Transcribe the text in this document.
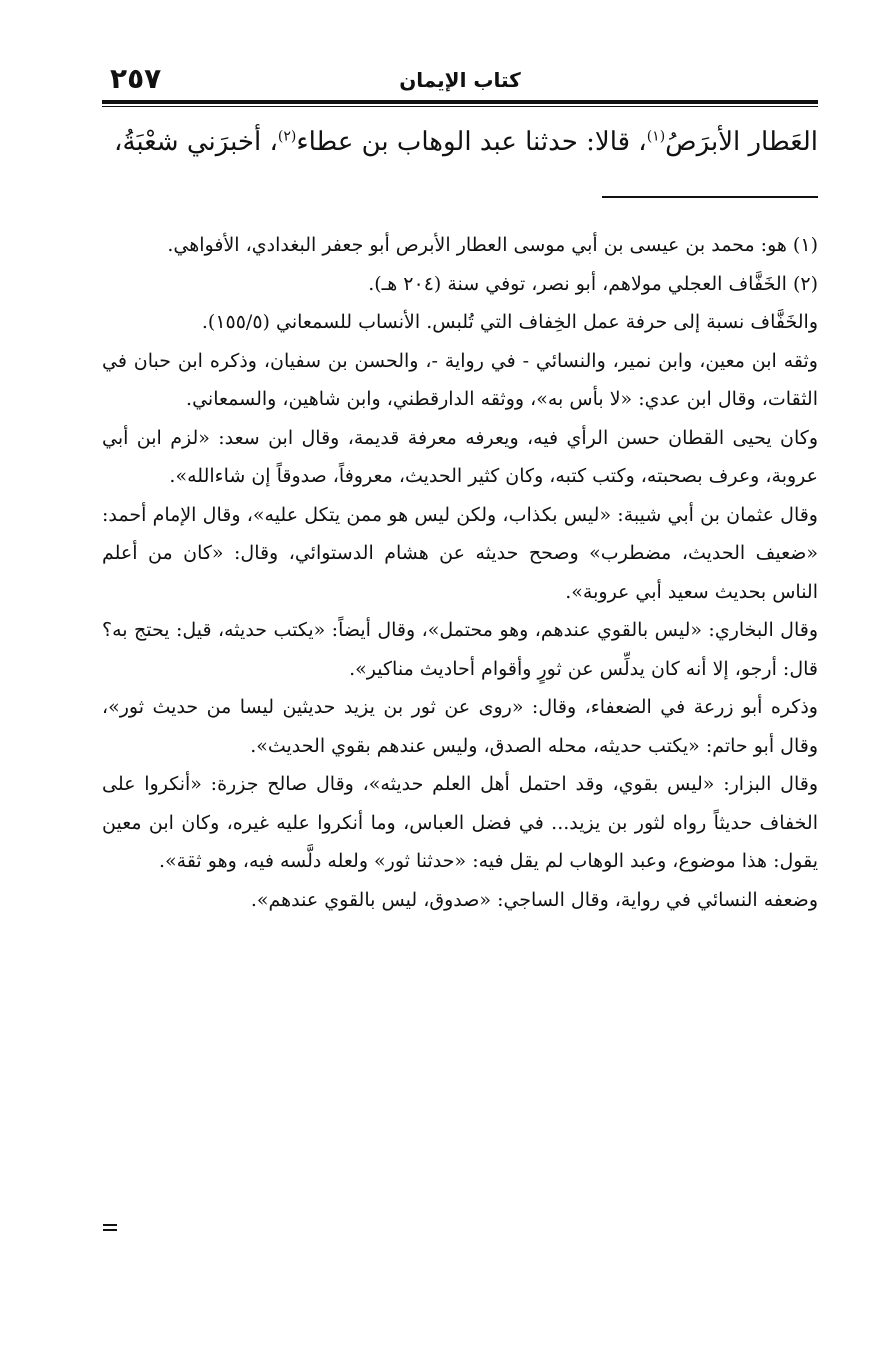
كتاب الإيمان
٢٥٧
العَطار الأبرَصُ$^{(١)}$، قالا: حدثنا عبد الوهاب بن عطاء$^{(٢)}$، أخبرَني شعْبَةُ،

(١) هو: محمد بن عيسى بن أبي موسى العطار الأبرص أبو جعفر البغدادي، الأفواهي.

(٢) الخَفَّاف العجلي مولاهم، أبو نصر، توفي سنة (٢٠٤ هـ).

والخَفَّاف نسبة إلى حرفة عمل الخِفاف التي تُلبس. الأنساب للسمعاني (١٥٥/٥).

وثقه ابن معين، وابن نمير، والنسائي - في رواية -، والحسن بن سفيان، وذكره ابن حبان في الثقات، وقال ابن عدي: «لا بأس به»، ووثقه الدارقطني، وابن شاهين، والسمعاني.

وكان يحيى القطان حسن الرأي فيه، ويعرفه معرفة قديمة، وقال ابن سعد: «لزم ابن أبي عروبة، وعرف بصحبته، وكتب كتبه، وكان كثير الحديث، معروفاً، صدوقاً إن شاءالله».

وقال عثمان بن أبي شيبة: «ليس بكذاب، ولكن ليس هو ممن يتكل عليه»، وقال الإمام أحمد: «ضعيف الحديث، مضطرب» وصحح حديثه عن هشام الدستوائي، وقال: «كان من أعلم الناس بحديث سعيد أبي عروبة».

وقال البخاري: «ليس بالقوي عندهم، وهو محتمل»، وقال أيضاً: «يكتب حديثه، قيل: يحتج به؟ قال: أرجو، إلا أنه كان يدلِّس عن ثورٍ وأقوام أحاديث مناكير».

وذكره أبو زرعة في الضعفاء، وقال: «روى عن ثور بن يزيد حديثين ليسا من حديث ثور»، وقال أبو حاتم: «يكتب حديثه، محله الصدق، وليس عندهم بقوي الحديث».

وقال البزار: «ليس بقوي، وقد احتمل أهل العلم حديثه»، وقال صالح جزرة: «أنكروا على الخفاف حديثاً رواه لثور بن يزيد... في فضل العباس، وما أنكروا عليه غيره، وكان ابن معين يقول: هذا موضوع، وعبد الوهاب لم يقل فيه: «حدثنا ثور» ولعله دلَّسه فيه، وهو ثقة».

وضعفه النسائي في رواية، وقال الساجي: «صدوق، ليس بالقوي عندهم».
